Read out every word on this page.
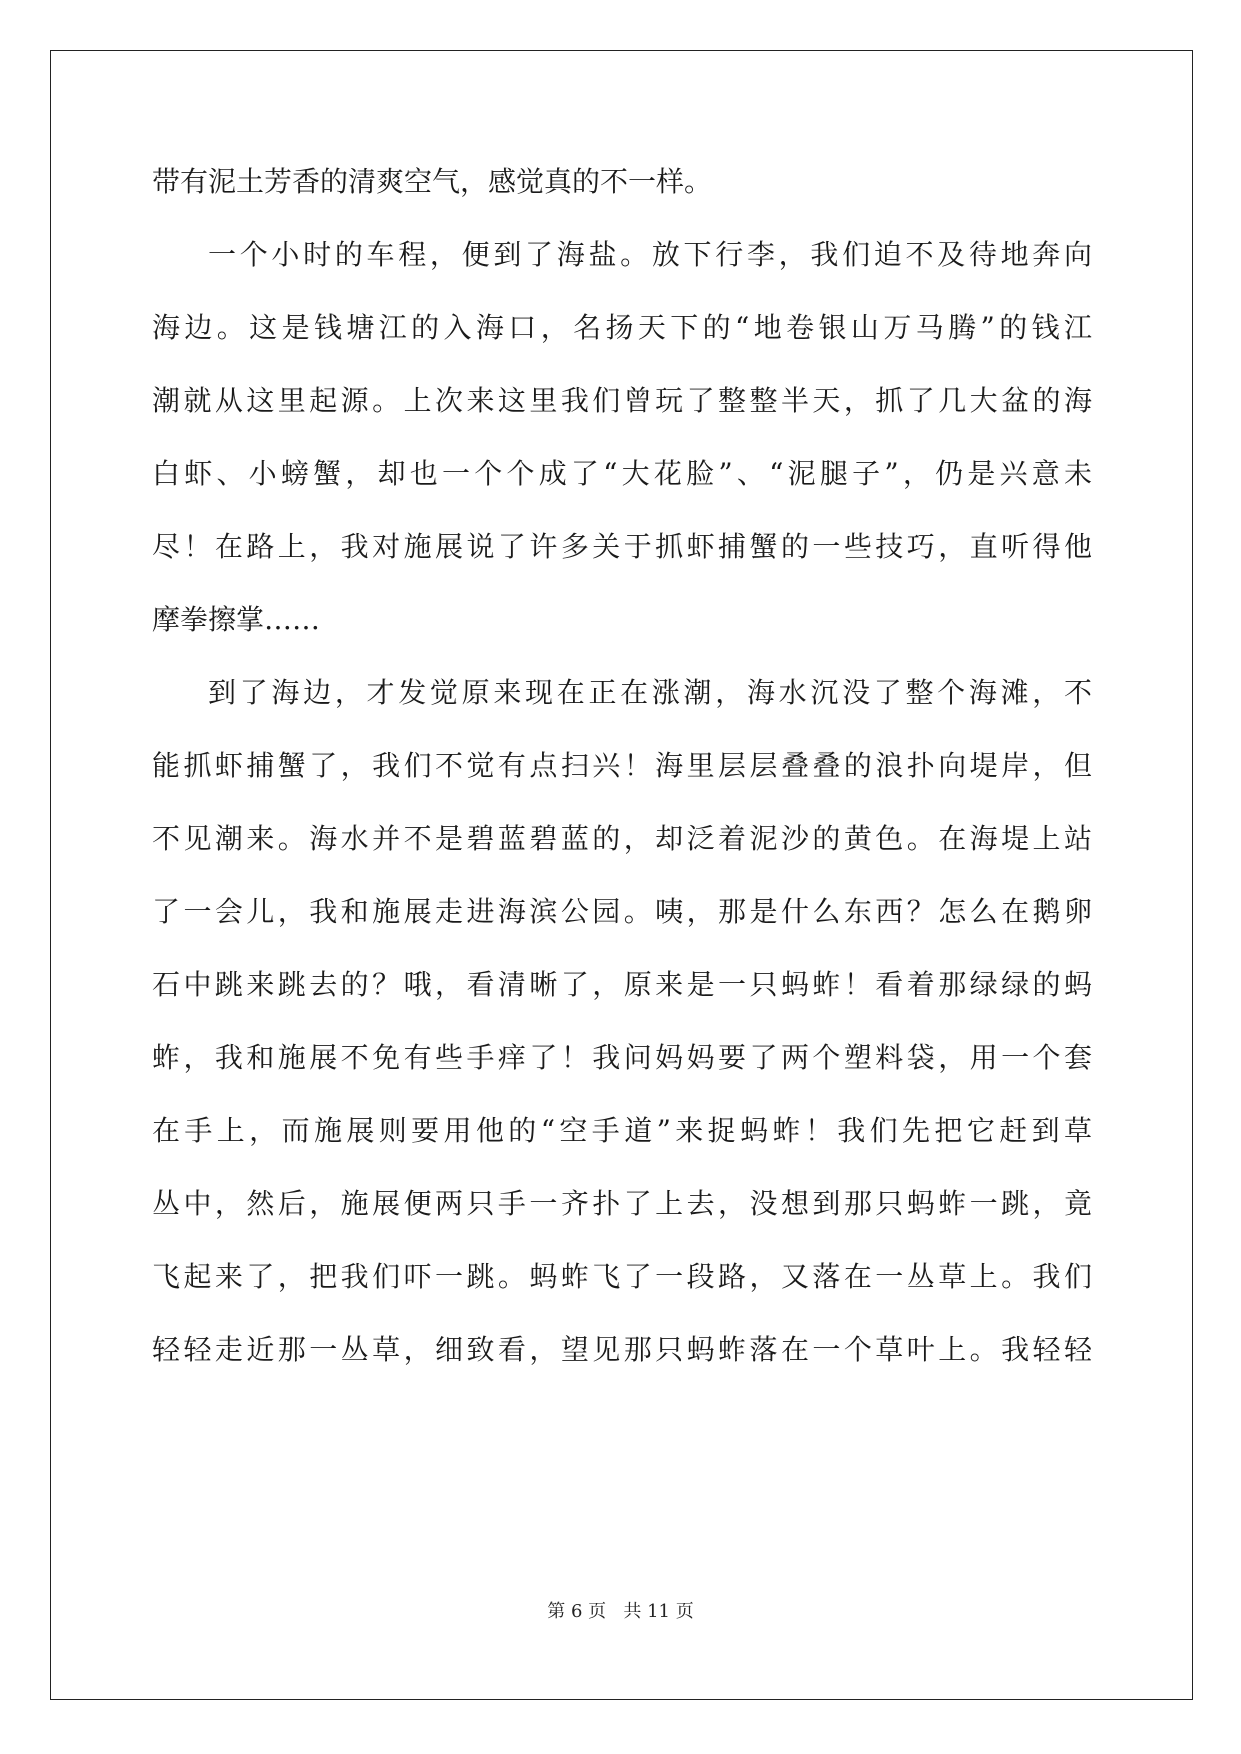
带有泥土芳香的清爽空气，感觉真的不一样。
一个小时的车程，便到了海盐。放下行李，我们迫不及待地奔向
海边。这是钱塘江的入海口，名扬天下的“地卷银山万马腾”的钱江
潮就从这里起源。上次来这里我们曾玩了整整半天，抓了几大盆的海
白虾、小螃蟹，却也一个个成了“大花脸”、“泥腿子”，仍是兴意未
尽！在路上，我对施展说了许多关于抓虾捕蟹的一些技巧，直听得他
摩拳擦掌……
到了海边，才发觉原来现在正在涨潮，海水沉没了整个海滩，不
能抓虾捕蟹了，我们不觉有点扫兴！海里层层叠叠的浪扑向堤岸，但
不见潮来。海水并不是碧蓝碧蓝的，却泛着泥沙的黄色。在海堤上站
了一会儿，我和施展走进海滨公园。咦，那是什么东西？怎么在鹅卵
石中跳来跳去的？哦，看清晰了，原来是一只蚂蚱！看着那绿绿的蚂
蚱，我和施展不免有些手痒了！我问妈妈要了两个塑料袋，用一个套
在手上，而施展则要用他的“空手道”来捉蚂蚱！我们先把它赶到草
丛中，然后，施展便两只手一齐扑了上去，没想到那只蚂蚱一跳，竟
飞起来了，把我们吓一跳。蚂蚱飞了一段路，又落在一丛草上。我们
轻轻走近那一丛草，细致看，望见那只蚂蚱落在一个草叶上。我轻轻
第 6 页 共 11 页
